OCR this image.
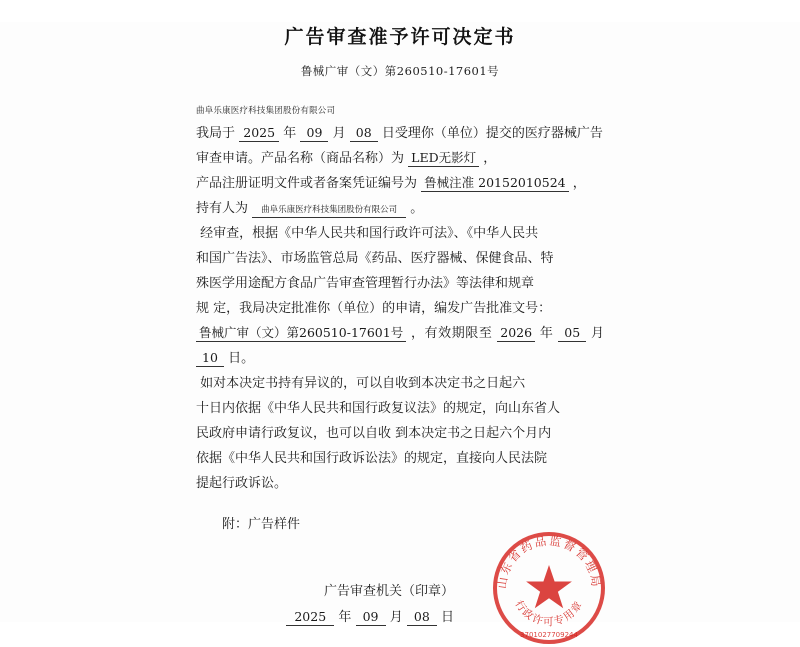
广告审查准予许可决定书
鲁械广审（文）第260510-17601号
曲阜乐康医疗科技集团股份有限公司
我局于 2025 年 09 月 08 日受理你（单位）提交的医疗器械广告
审查申请。产品名称（商品名称）为 LED无影灯 ，
产品注册证明文件或者备案凭证编号为 鲁械注准 20152010524 ，
持有人为 曲阜乐康医疗科技集团股份有限公司 。
经审查，根据《中华人民共和国行政许可法》、《中华人民共
和国广告法》、市场监管总局《药品、医疗器械、保健食品、特
殊医学用途配方食品广告审查管理暂行办法》等法律和规章
规 定，我局决定批准你（单位）的申请，编发广告批准文号：
鲁械广审（文）第260510-17601号 ，有效期限至 2026 年 05 月 10 日。
如对本决定书持有异议的，可以自收到本决定书之日起六
十日内依据《中华人民共和国行政复议法》的规定，向山东省人
民政府申请行政复议，也可以自收 到本决定书之日起六个月内
依据《中华人民共和国行政诉讼法》的规定，直接向人民法院
提起行政诉讼。
附：广告样件
广告审查机关（印章）
2025 年 09 月 08 日
山东省药品监督管理局
行政许可专用章
3701027709244
